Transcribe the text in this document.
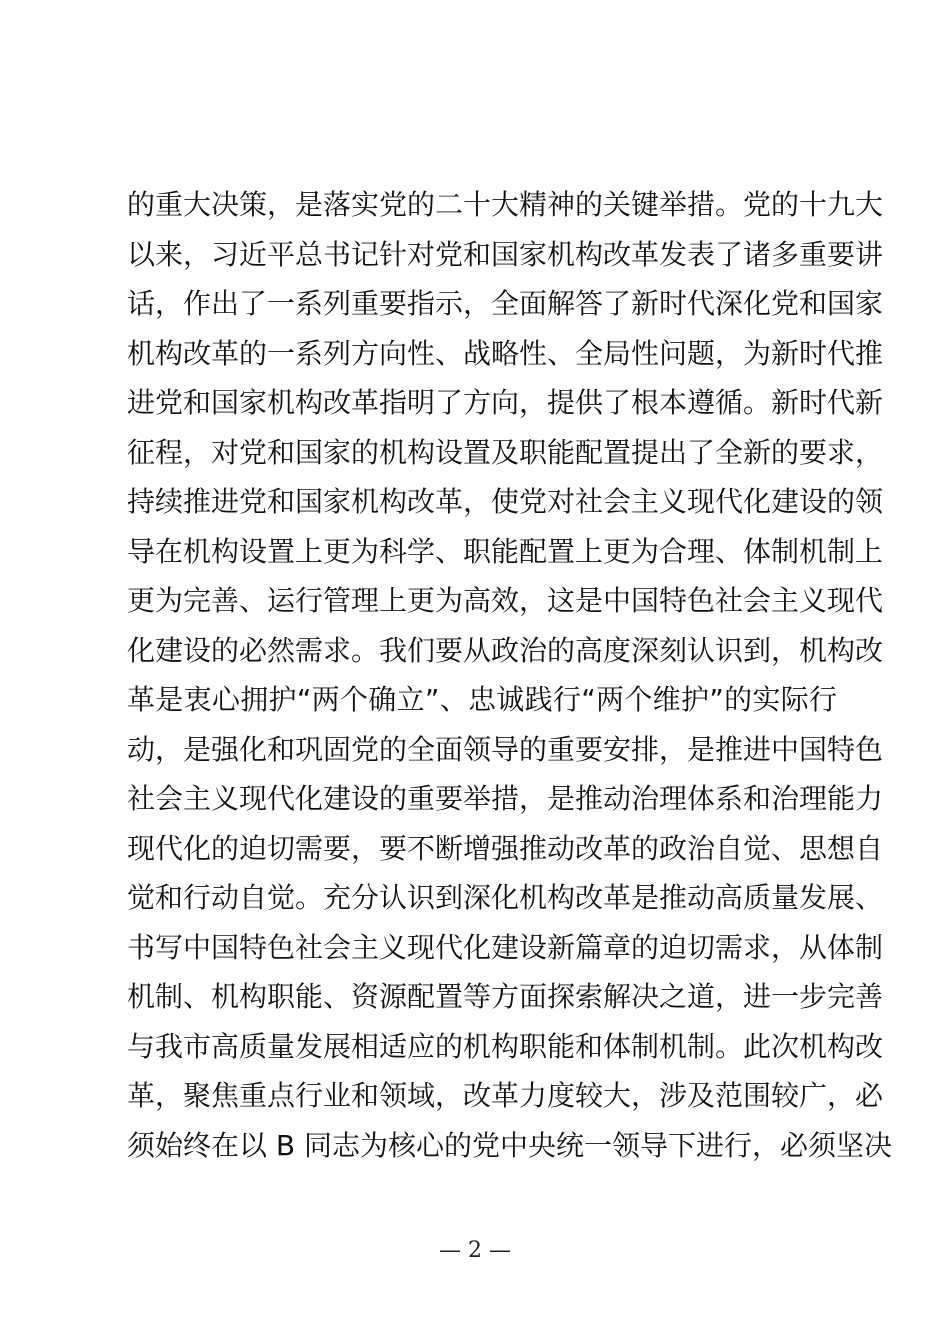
的重大决策，是落实党的二十大精神的关键举措。党的十九大
以来，习近平总书记针对党和国家机构改革发表了诸多重要讲
话，作出了一系列重要指示，全面解答了新时代深化党和国家
机构改革的一系列方向性、战略性、全局性问题，为新时代推
进党和国家机构改革指明了方向，提供了根本遵循。新时代新
征程，对党和国家的机构设置及职能配置提出了全新的要求，
持续推进党和国家机构改革，使党对社会主义现代化建设的领
导在机构设置上更为科学、职能配置上更为合理、体制机制上
更为完善、运行管理上更为高效，这是中国特色社会主义现代
化建设的必然需求。我们要从政治的高度深刻认识到，机构改
革是衷心拥护“两个确立”、忠诚践行“两个维护”的实际行
动，是强化和巩固党的全面领导的重要安排，是推进中国特色
社会主义现代化建设的重要举措，是推动治理体系和治理能力
现代化的迫切需要，要不断增强推动改革的政治自觉、思想自
觉和行动自觉。充分认识到深化机构改革是推动高质量发展、
书写中国特色社会主义现代化建设新篇章的迫切需求，从体制
机制、机构职能、资源配置等方面探索解决之道，进一步完善
与我市高质量发展相适应的机构职能和体制机制。此次机构改
革，聚焦重点行业和领域，改革力度较大，涉及范围较广，必
须始终在以 B 同志为核心的党中央统一领导下进行，必须坚决
— 2 —
